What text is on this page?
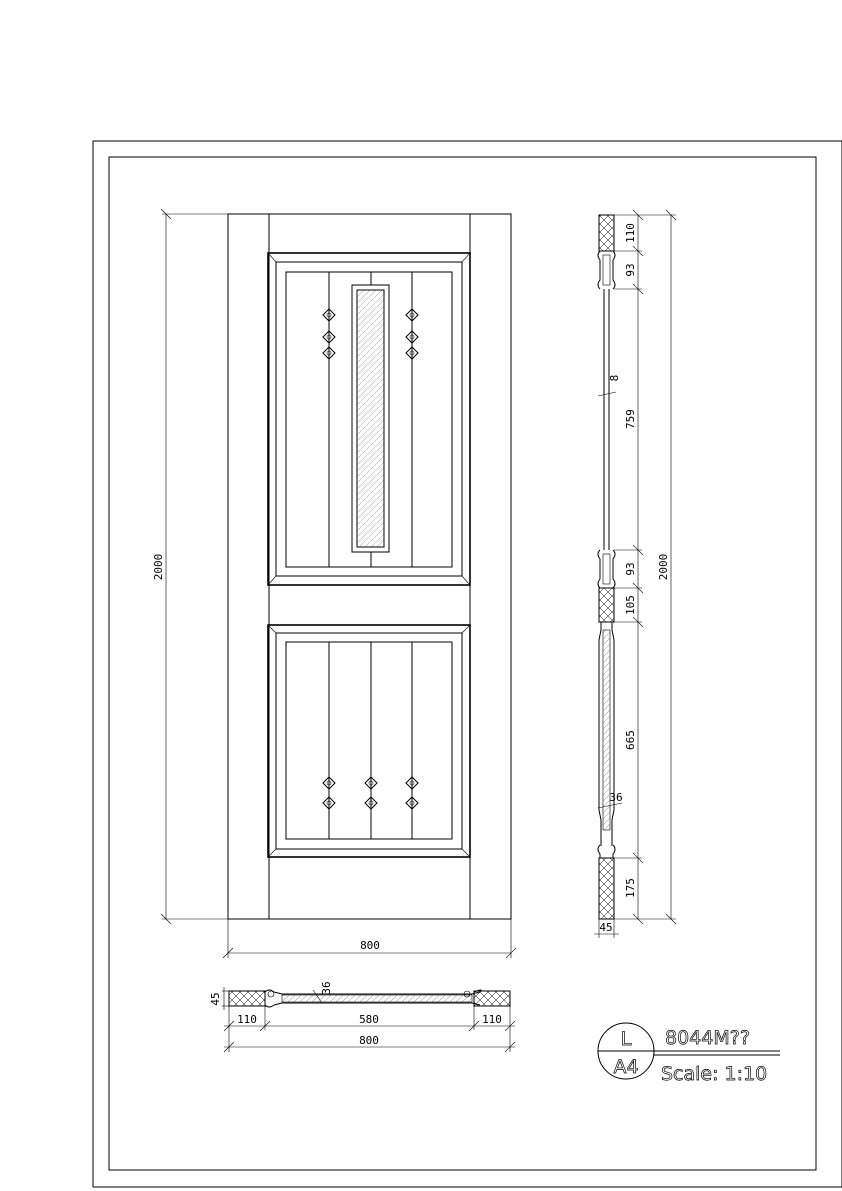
2000
800
110
93
759
93
105
665
175
2000
8
36
45
45
36
110	580	110
800	L
A4
8044M??
Scale: 1:10
